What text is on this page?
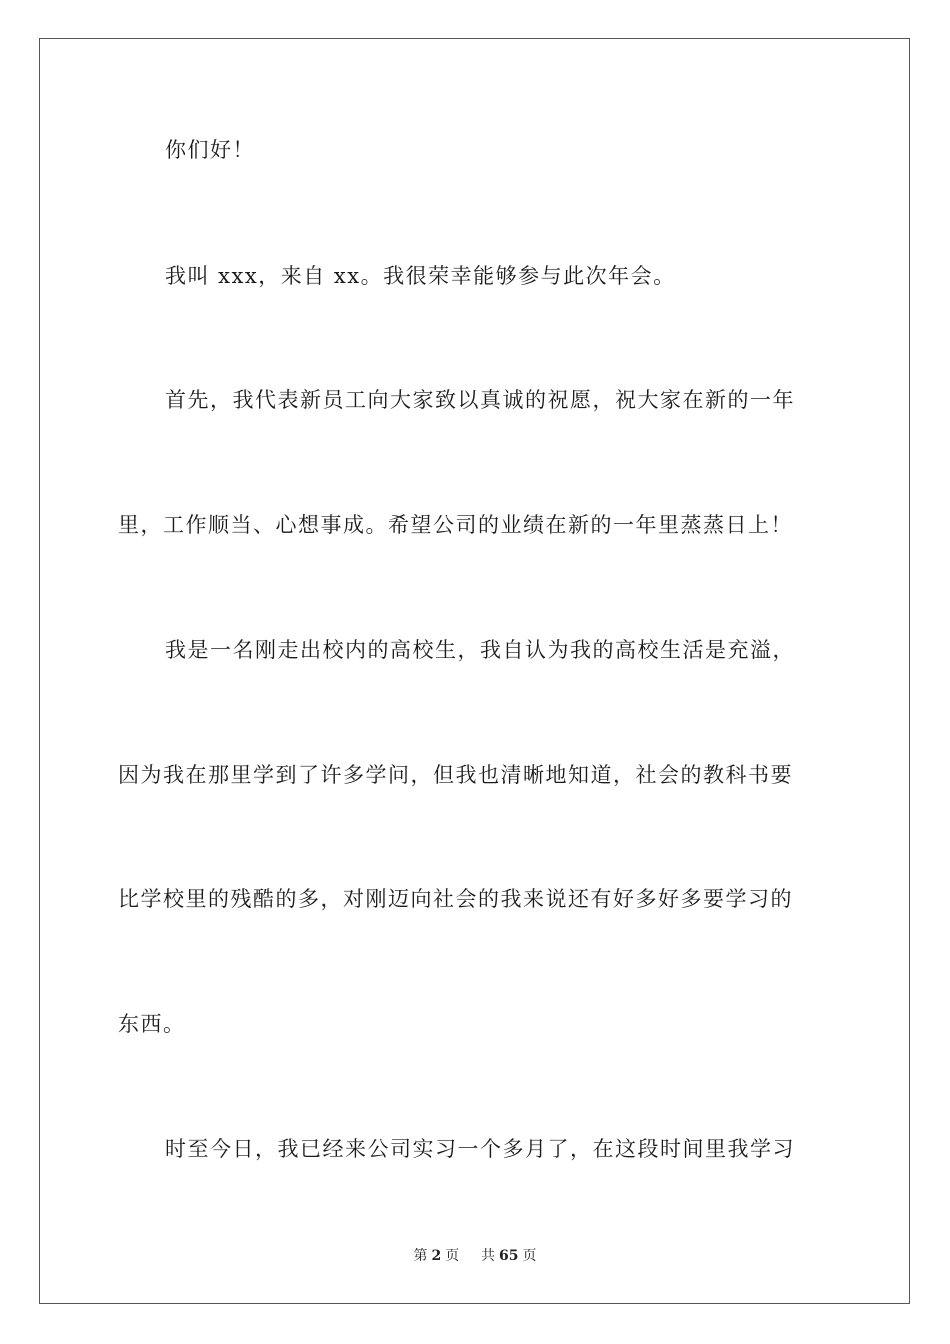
你们好！
我叫 xxx，来自 xx。我很荣幸能够参与此次年会。
首先，我代表新员工向大家致以真诚的祝愿，祝大家在新的一年
里，工作顺当、心想事成。希望公司的业绩在新的一年里蒸蒸日上！
我是一名刚走出校内的高校生，我自认为我的高校生活是充溢，
因为我在那里学到了许多学问，但我也清晰地知道，社会的教科书要
比学校里的残酷的多，对刚迈向社会的我来说还有好多好多要学习的
东西。
时至今日，我已经来公司实习一个多月了，在这段时间里我学习
第 2 页 共 65 页
